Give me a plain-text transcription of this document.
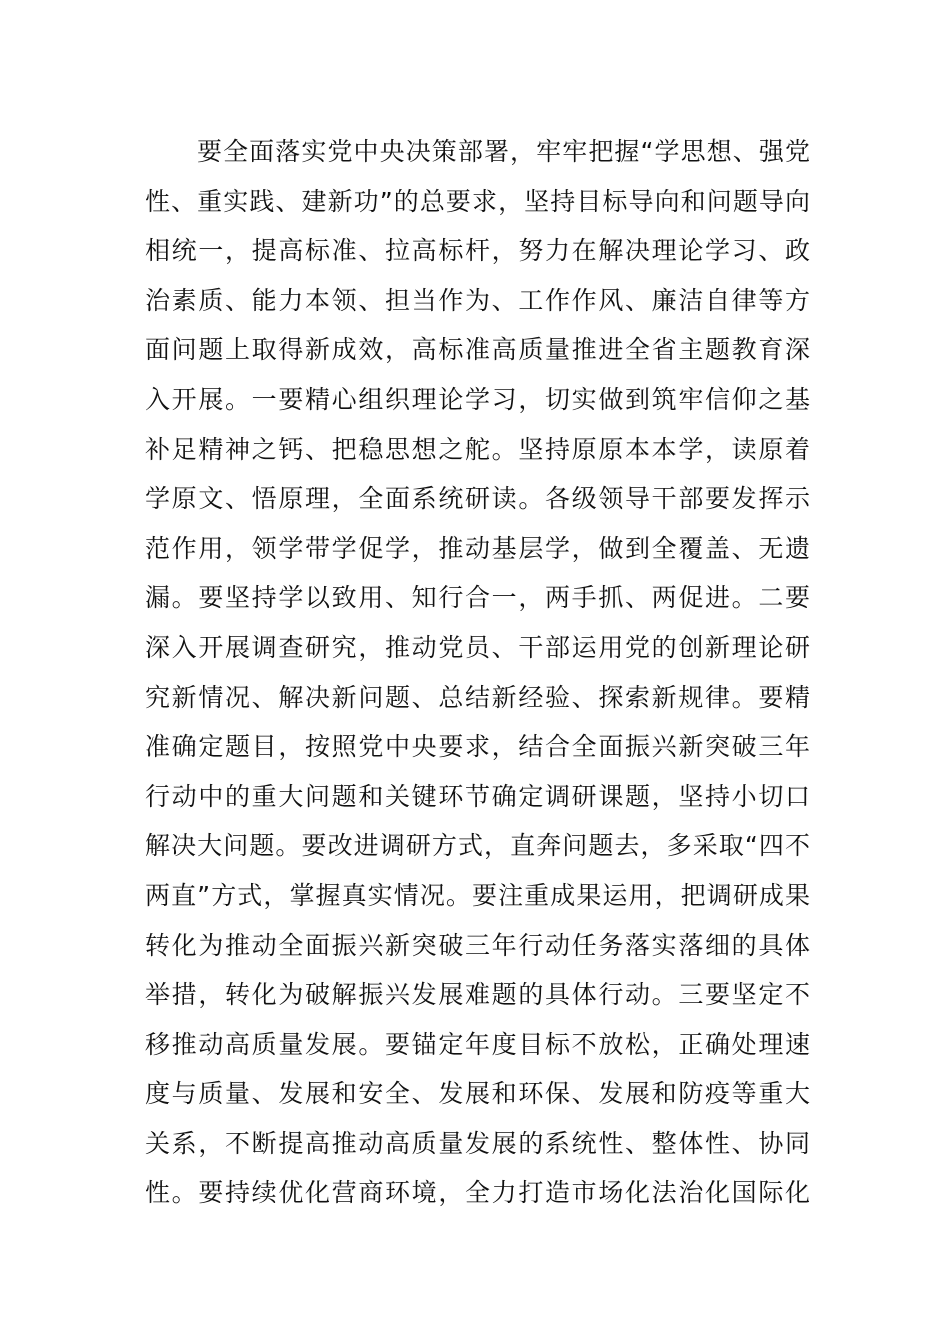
要全面落实党中央决策部署，牢牢把握“学思想、强党
性、重实践、建新功”的总要求，坚持目标导向和问题导向
相统一，提高标准、拉高标杆，努力在解决理论学习、政
治素质、能力本领、担当作为、工作作风、廉洁自律等方
面问题上取得新成效，高标准高质量推进全省主题教育深
入开展。一要精心组织理论学习，切实做到筑牢信仰之基
补足精神之钙、把稳思想之舵。坚持原原本本学，读原着
学原文、悟原理，全面系统研读。各级领导干部要发挥示
范作用，领学带学促学，推动基层学，做到全覆盖、无遗
漏。要坚持学以致用、知行合一，两手抓、两促进。二要
深入开展调查研究，推动党员、干部运用党的创新理论研
究新情况、解决新问题、总结新经验、探索新规律。要精
准确定题目，按照党中央要求，结合全面振兴新突破三年
行动中的重大问题和关键环节确定调研课题，坚持小切口
解决大问题。要改进调研方式，直奔问题去，多采取“四不
两直”方式，掌握真实情况。要注重成果运用，把调研成果
转化为推动全面振兴新突破三年行动任务落实落细的具体
举措，转化为破解振兴发展难题的具体行动。三要坚定不
移推动高质量发展。要锚定年度目标不放松，正确处理速
度与质量、发展和安全、发展和环保、发展和防疫等重大
关系，不断提高推动高质量发展的系统性、整体性、协同
性。要持续优化营商环境，全力打造市场化法治化国际化
